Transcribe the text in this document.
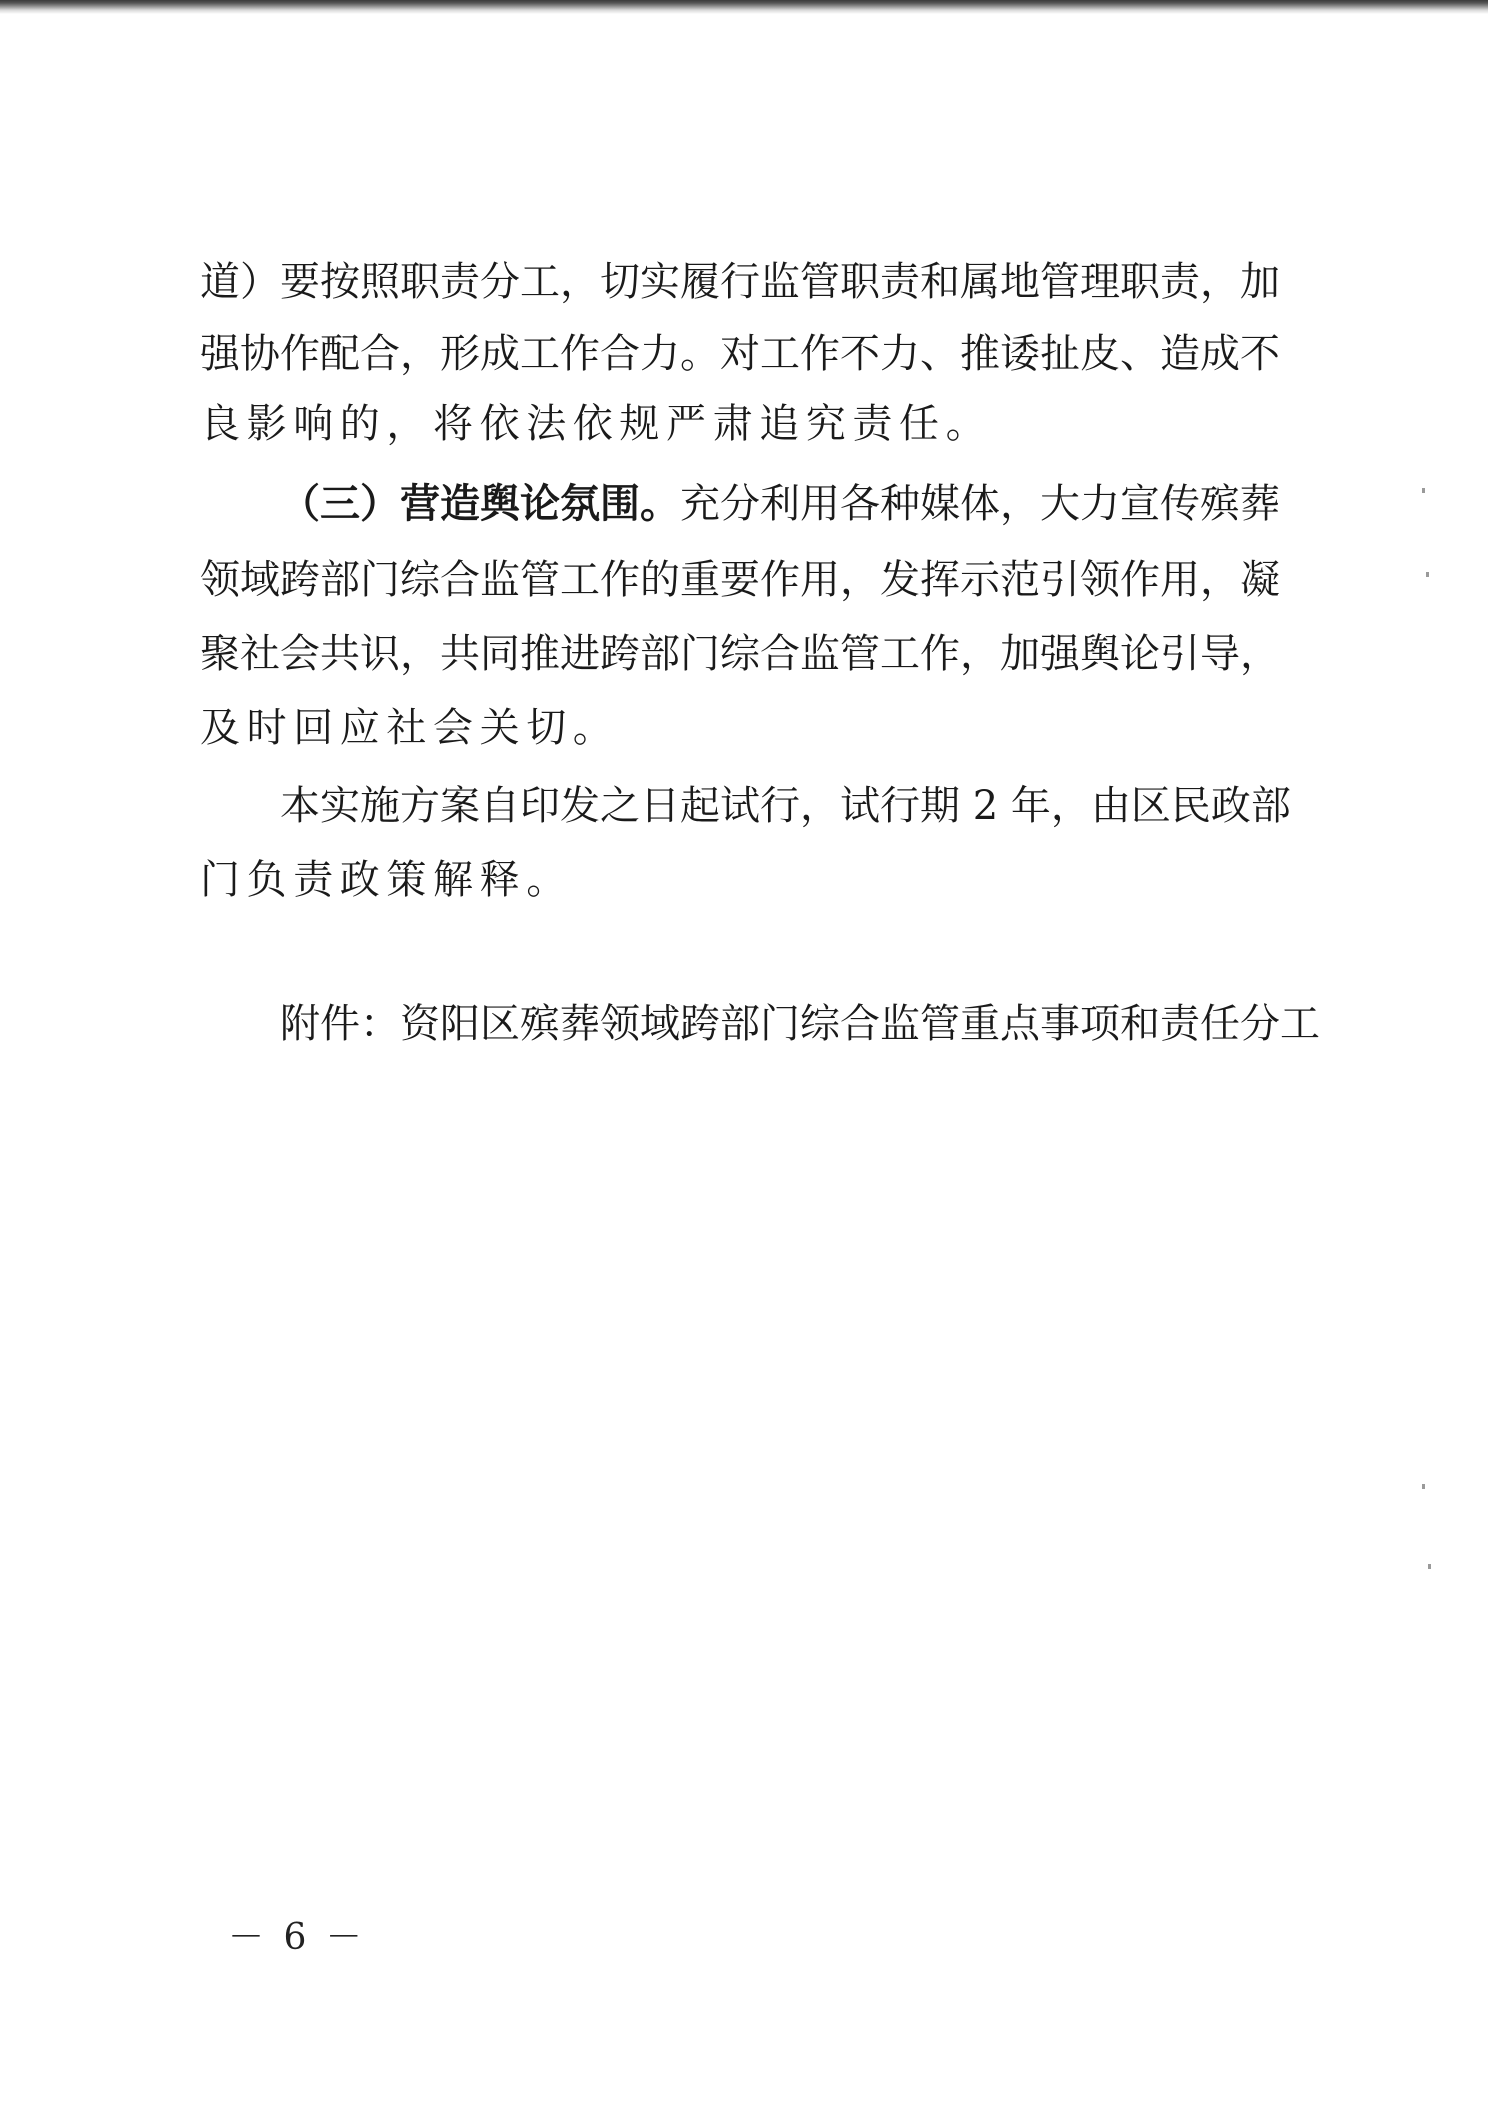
道）要按照职责分工，切实履行监管职责和属地管理职责，加
强协作配合，形成工作合力。对工作不力、推诿扯皮、造成不
良影响的，将依法依规严肃追究责任。
（三）营造舆论氛围。充分利用各种媒体，大力宣传殡葬
领域跨部门综合监管工作的重要作用，发挥示范引领作用，凝
聚社会共识，共同推进跨部门综合监管工作，加强舆论引导，
及时回应社会关切。
本实施方案自印发之日起试行，试行期 2 年，由区民政部
门负责政策解释。
附件：资阳区殡葬领域跨部门综合监管重点事项和责任分工
－ 6 －
